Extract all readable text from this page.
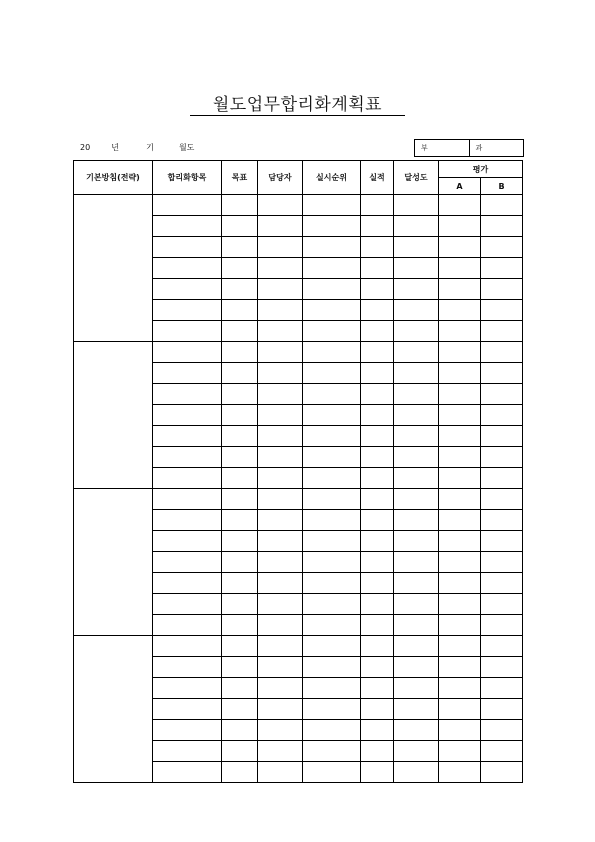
월도업무합리화계획표
20	년	기	월도	부	과
기본방침(전략)	합리화항목	목표	담당자	실시순위	실적	달성도	평가	
							A	B
